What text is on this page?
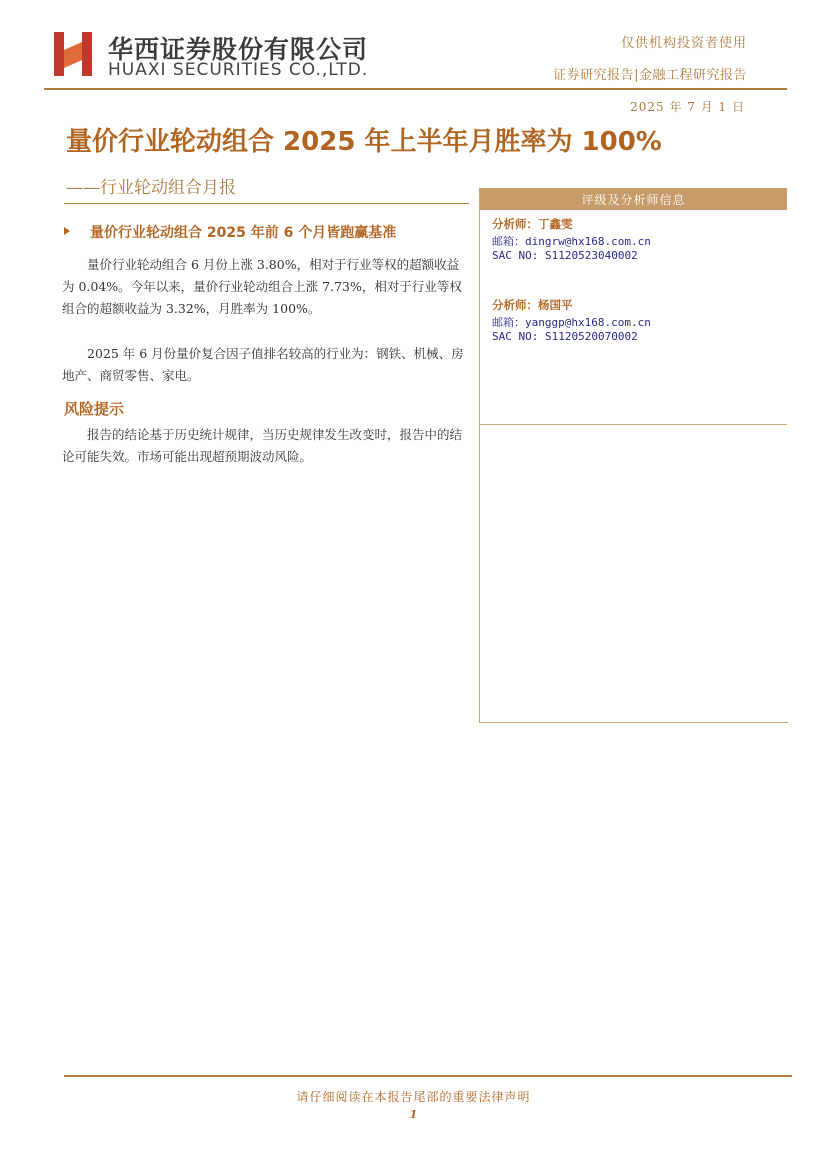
华西证券股份有限公司
HUAXI SECURITIES CO.,LTD.
仅供机构投资者使用
证券研究报告|金融工程研究报告
2025 年 7 月 1 日
量价行业轮动组合 2025 年上半年月胜率为 100%
——行业轮动组合月报
量价行业轮动组合 2025 年前 6 个月皆跑赢基准

量价行业轮动组合 6 月份上涨 3.80%，相对于行业等权的超额收益为 0.04%。今年以来，量价行业轮动组合上涨 7.73%，相对于行业等权组合的超额收益为 3.32%，月胜率为 100%。

2025 年 6 月份量价复合因子值排名较高的行业为：钢铁、机械、房地产、商贸零售、家电。

风险提示

报告的结论基于历史统计规律，当历史规律发生改变时，报告中的结论可能失效。市场可能出现超预期波动风险。

评级及分析师信息
分析师：丁鑫雯
邮箱：dingrw@hx168.com.cn
SAC NO: S1120523040002
分析师：杨国平
邮箱：yanggp@hx168.com.cn
SAC NO: S1120520070002
请仔细阅读在本报告尾部的重要法律声明
1
